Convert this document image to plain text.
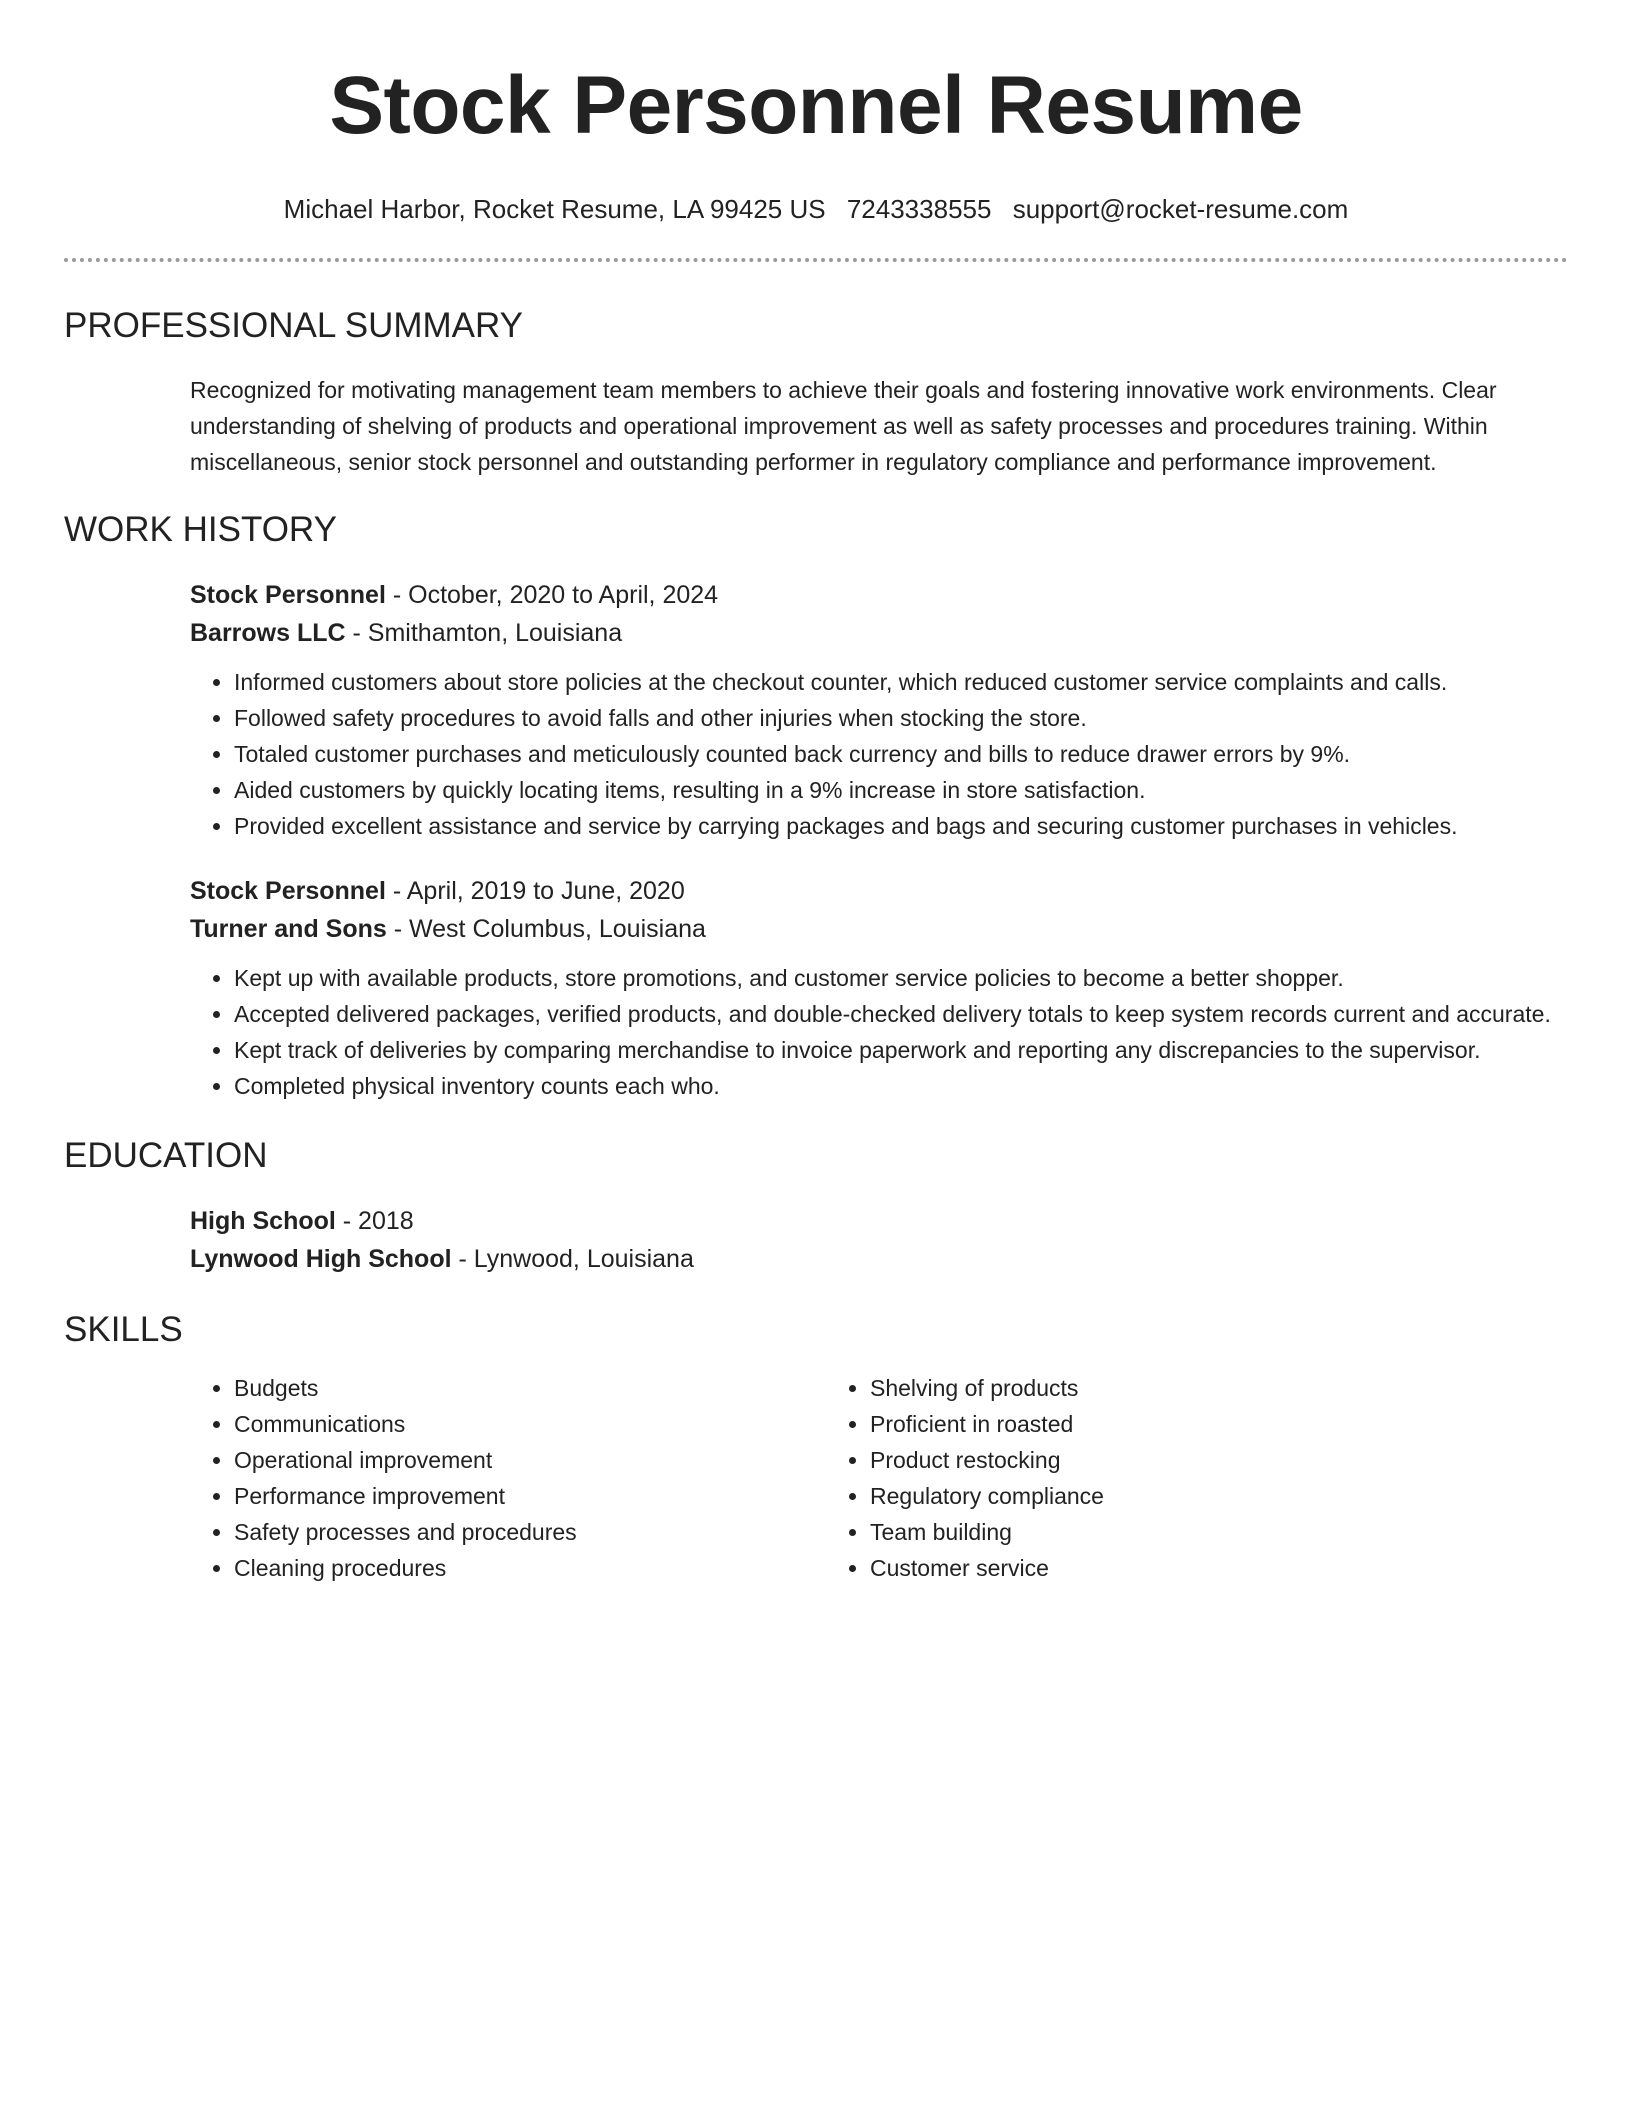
Stock Personnel Resume
Michael Harbor, Rocket Resume, LA 99425 US 7243338555 support@rocket-resume.com
PROFESSIONAL SUMMARY
Recognized for motivating management team members to achieve their goals and fostering innovative work environments. Clear understanding of shelving of products and operational improvement as well as safety processes and procedures training. Within miscellaneous, senior stock personnel and outstanding performer in regulatory compliance and performance improvement.
WORK HISTORY
Stock Personnel - October, 2020 to April, 2024
Barrows LLC - Smithamton, Louisiana
• Informed customers about store policies at the checkout counter, which reduced customer service complaints and calls.
• Followed safety procedures to avoid falls and other injuries when stocking the store.
• Totaled customer purchases and meticulously counted back currency and bills to reduce drawer errors by 9%.
• Aided customers by quickly locating items, resulting in a 9% increase in store satisfaction.
• Provided excellent assistance and service by carrying packages and bags and securing customer purchases in vehicles.
Stock Personnel - April, 2019 to June, 2020
Turner and Sons - West Columbus, Louisiana
• Kept up with available products, store promotions, and customer service policies to become a better shopper.
• Accepted delivered packages, verified products, and double-checked delivery totals to keep system records current and accurate.
• Kept track of deliveries by comparing merchandise to invoice paperwork and reporting any discrepancies to the supervisor.
• Completed physical inventory counts each who.
EDUCATION
High School - 2018
Lynwood High School - Lynwood, Louisiana
SKILLS
• Budgets
• Communications
• Operational improvement
• Performance improvement
• Safety processes and procedures
• Cleaning procedures
• Shelving of products
• Proficient in roasted
• Product restocking
• Regulatory compliance
• Team building
• Customer service
